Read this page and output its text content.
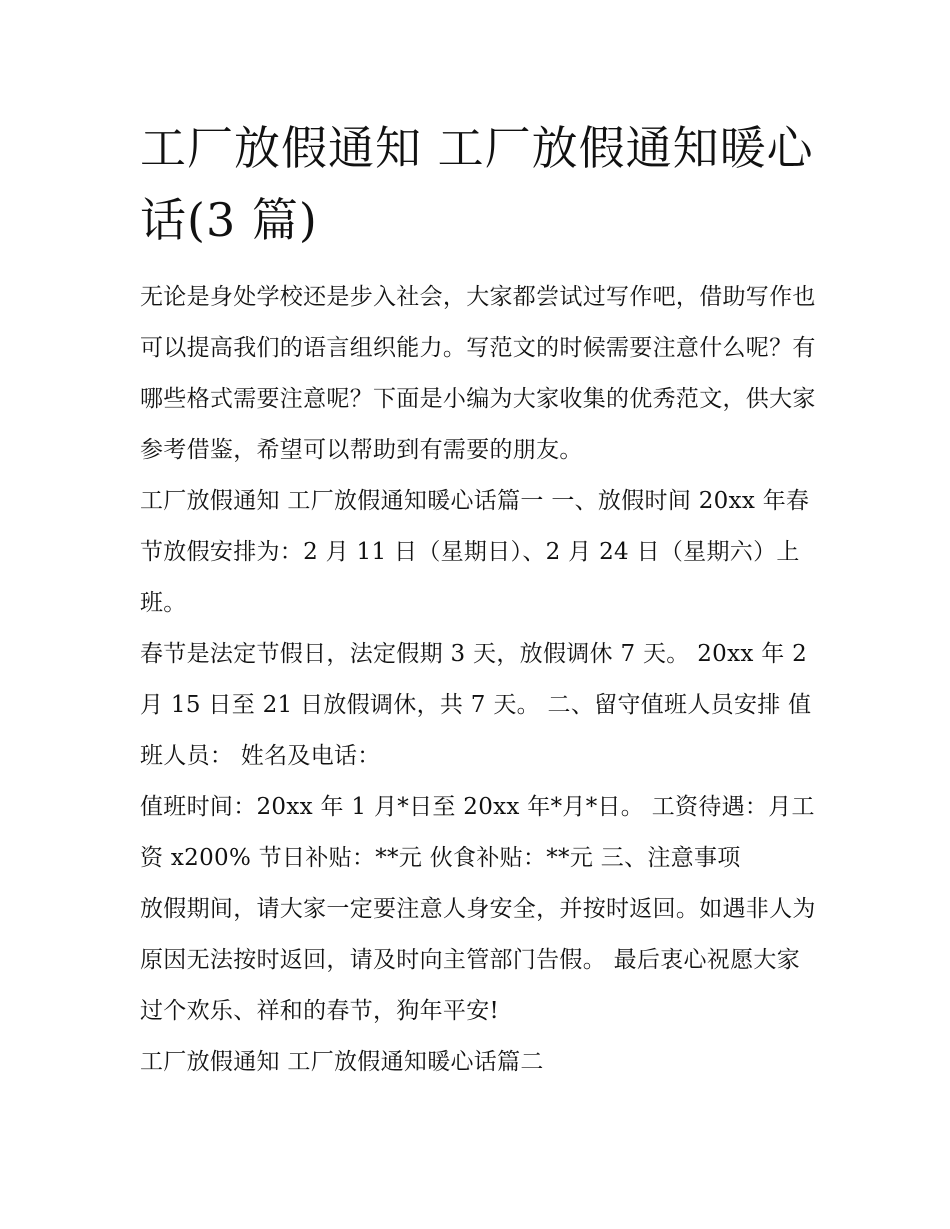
工厂放假通知 工厂放假通知暖心话(3 篇)

无论是身处学校还是步入社会，大家都尝试过写作吧，借助写作也可以提高我们的语言组织能力。写范文的时候需要注意什么呢？有哪些格式需要注意呢？下面是小编为大家收集的优秀范文，供大家参考借鉴，希望可以帮助到有需要的朋友。

工厂放假通知 工厂放假通知暖心话篇一 一、放假时间 20xx 年春节放假安排为：2 月 11 日（星期日）、2 月 24 日（星期六）上班。

春节是法定节假日，法定假期 3 天，放假调休 7 天。 20xx 年 2 月 15 日至 21 日放假调休，共 7 天。 二、留守值班人员安排 值班人员： 姓名及电话：

值班时间：20xx 年 1 月*日至 20xx 年*月*日。 工资待遇：月工资 x200% 节日补贴：**元 伙食补贴：**元 三、注意事项

放假期间，请大家一定要注意人身安全，并按时返回。如遇非人为原因无法按时返回，请及时向主管部门告假。 最后衷心祝愿大家过个欢乐、祥和的春节，狗年平安!

工厂放假通知 工厂放假通知暖心话篇二
